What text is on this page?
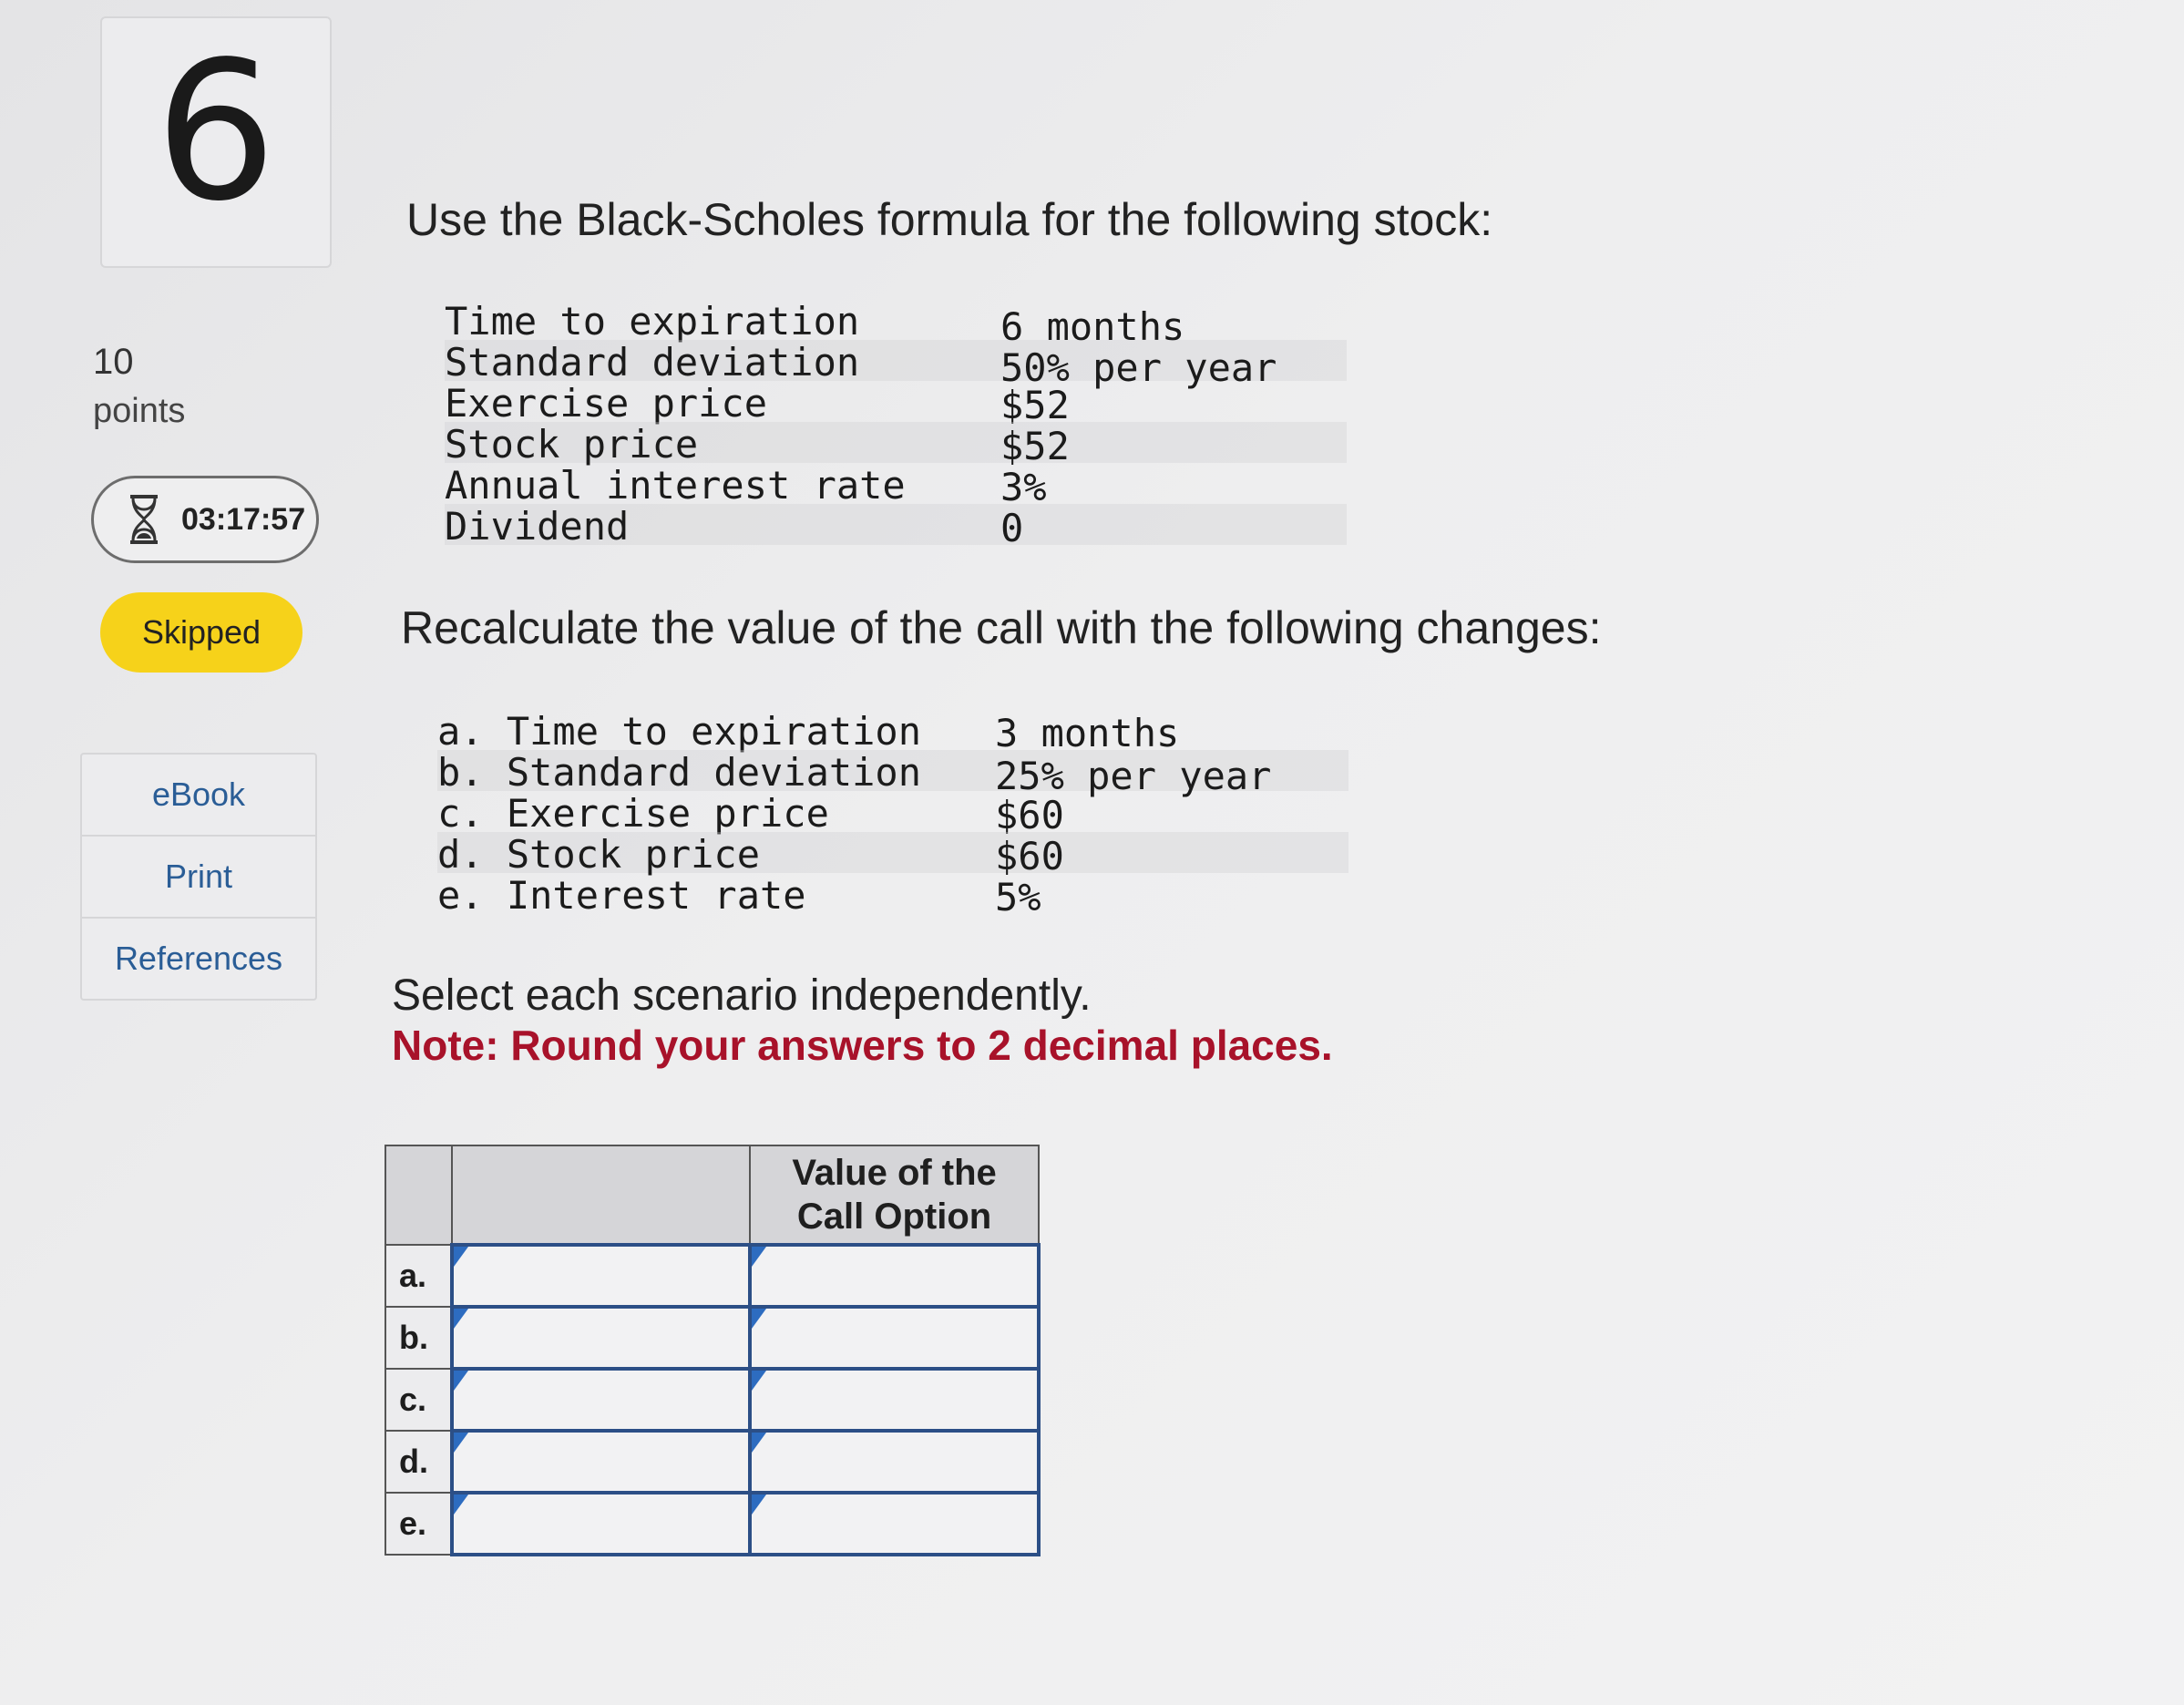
6
10
points
03:17:57
Skipped
eBook
Print
References
Use the Black-Scholes formula for the following stock:
Time to expiration	6 months
Standard deviation	50% per year
Exercise price	$52
Stock price	$52
Annual interest rate 3%
Dividend	0
Recalculate the value of the call with the following changes:
a. Time to expiration 3 months
b. Standard deviation 25% per year
c. Exercise price	$60
d. Stock price	$60
e. Interest rate	5%
Select each scenario independently.
Note: Round your answers to 2 decimal places.
		Value of the
Call Option
a.		
b.		
c.		
d.		
e.		
